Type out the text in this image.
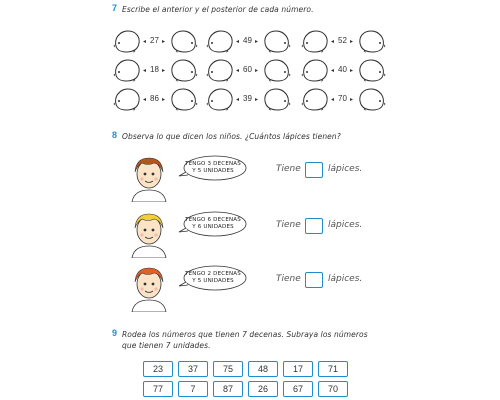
7 Escribe el anterior y el posterior de cada número.
◂ 27 ▸	◂ 49 ▸	◂ 52 ▸
◂ 18 ▸	◂ 60 ▸	◂ 40 ▸
◂ 86 ▸	◂ 39 ▸	◂ 70 ▸
8 Observa lo que dicen los niños. ¿Cuántos lápices tienen?
TENGO 3 DECENAS
Y 5 UNIDADES	Tiene	lápices.
TENGO 6 DECENAS
Y 6 UNIDADES	Tiene	lápices.
TENGO 2 DECENAS
Y 5 UNIDADES	Tiene	lápices.
9 Rodea los números que tienen 7 decenas. Subraya los números
que tienen 7 unidades.
23	37	75	48	17	71
77	7	87	26	67	70
